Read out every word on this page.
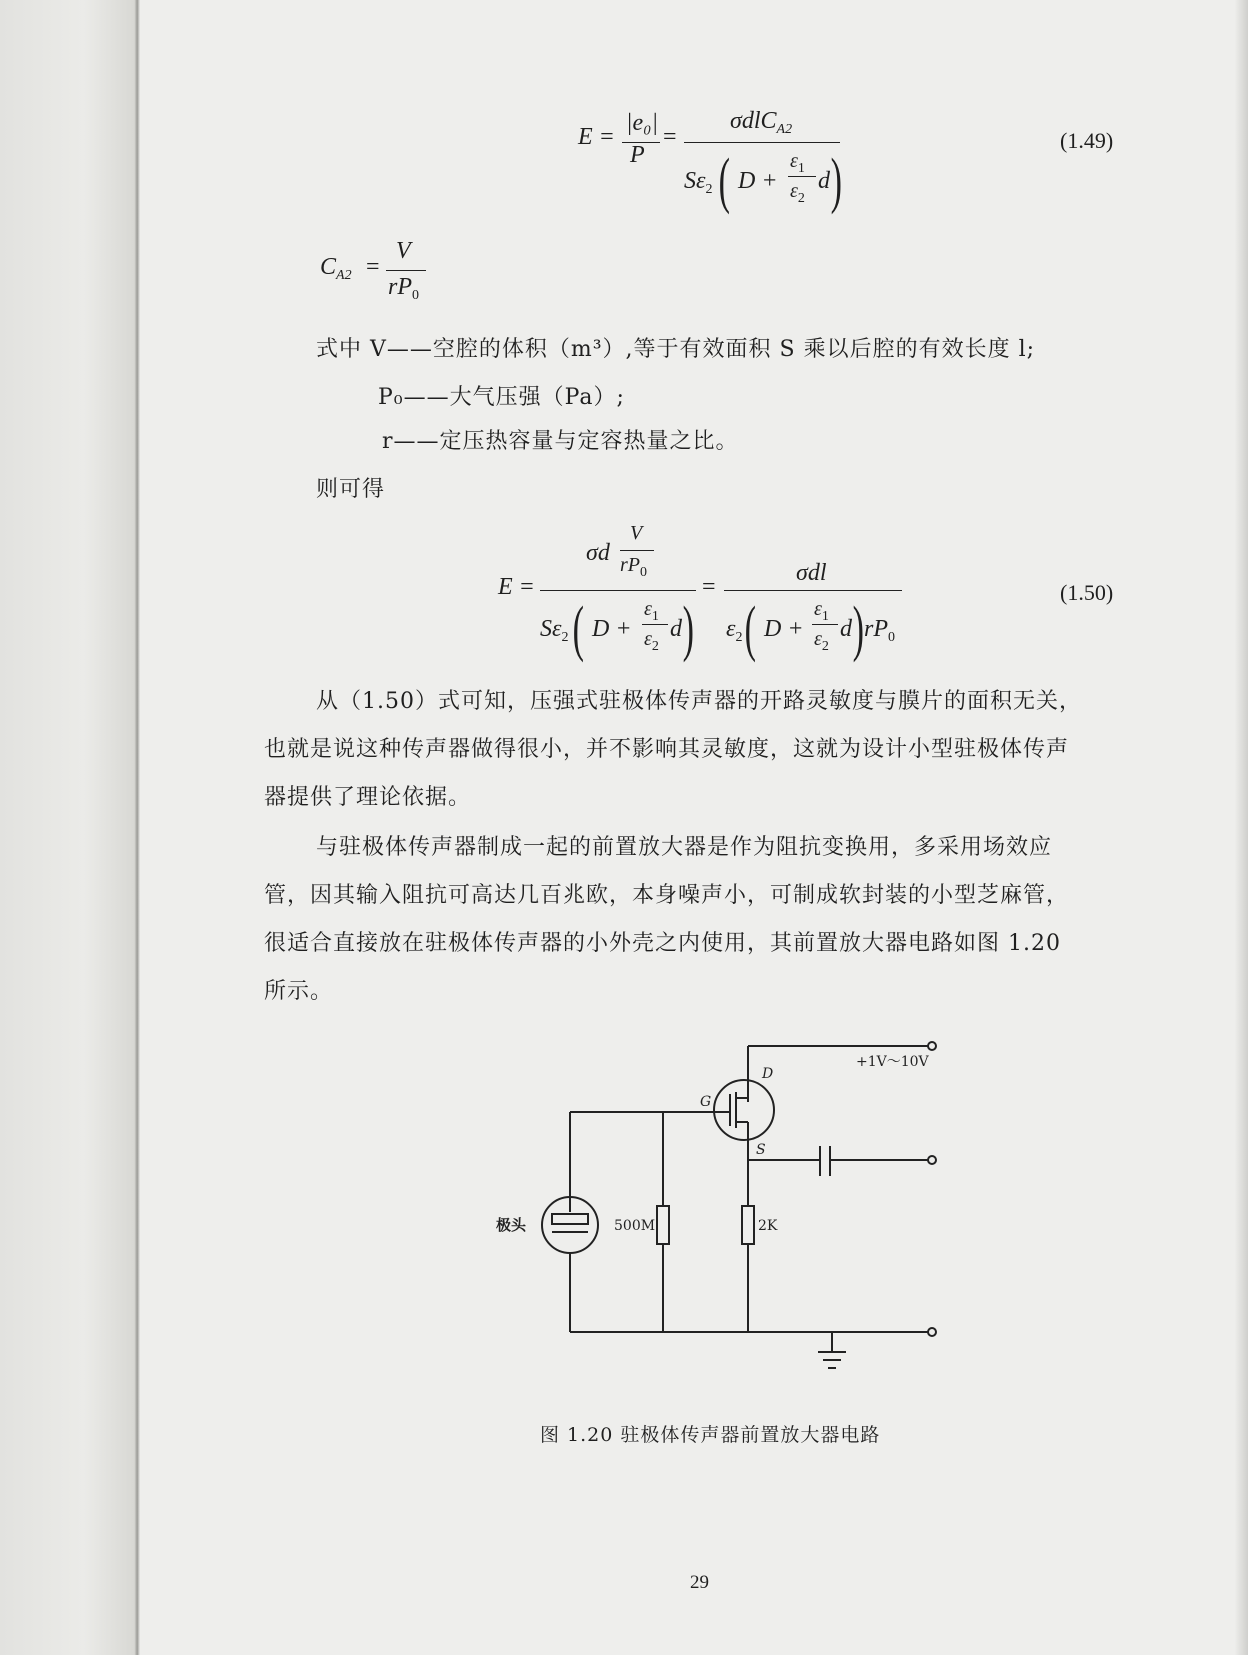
E =
|e₀|
P
=
σdlC$_{A2}$
$S\varepsilon_2$ ( D +
$\varepsilon_1$
$\varepsilon_2$
d )
(1.49)
$C_{A2}$ =
V
$rP_0$
式中 V——空腔的体积（m³）,等于有效面积 S 乘以后腔的有效长度 l;
P₀——大气压强（Pa）;
r——定压热容量与定容热量之比。
则可得
E =
σd
V
$rP_0$
$S\varepsilon_2$ ( D +
$\varepsilon_1$
$\varepsilon_2$
d )
=
σdl
$\varepsilon_2$ ( D +
$\varepsilon_1$
$\varepsilon_2$
d ) $rP_0$
(1.50)
从（1.50）式可知，压强式驻极体传声器的开路灵敏度与膜片的面积无关，
也就是说这种传声器做得很小，并不影响其灵敏度，这就为设计小型驻极体传声
器提供了理论依据。
与驻极体传声器制成一起的前置放大器是作为阻抗变换用，多采用场效应
管，因其输入阻抗可高达几百兆欧，本身噪声小，可制成软封装的小型芝麻管，
很适合直接放在驻极体传声器的小外壳之内使用，其前置放大器电路如图 1.20
所示。
+1V～10V
D
G
S
极头	500M	2K
图 1.20 驻极体传声器前置放大器电路
29
